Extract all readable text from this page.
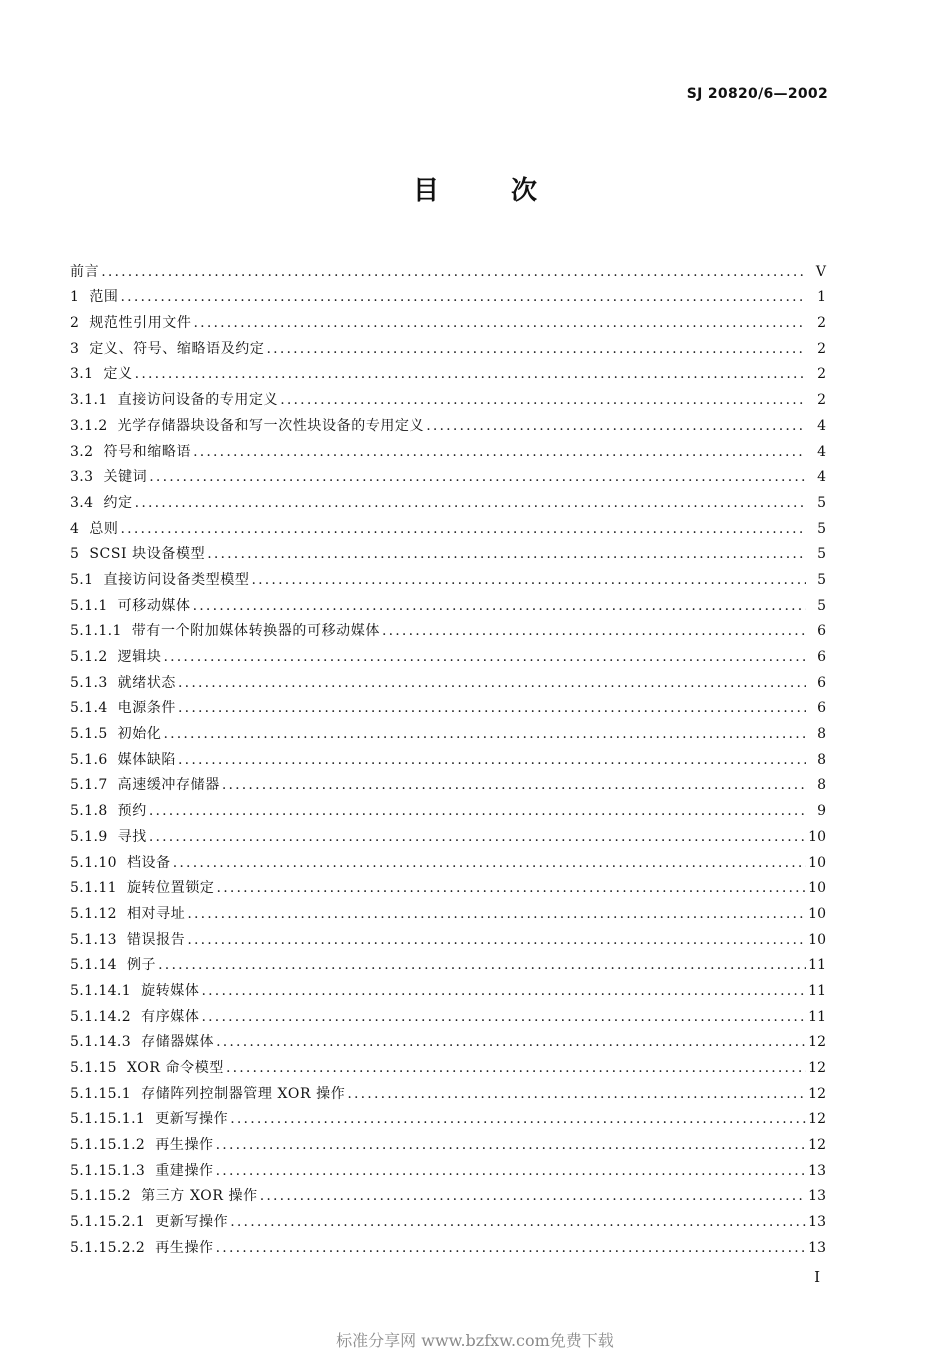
SJ 20820/6—2002
目	次
前言 .....	V
1 范围 .....	1
2 规范性引用文件 .....	2
3 定义、符号、缩略语及约定 .....	2
3.1 定义 .....	2
3.1.1 直接访问设备的专用定义 .....	2
3.1.2 光学存储器块设备和写一次性块设备的专用定义 .....	4
3.2 符号和缩略语 .....	4
3.3 关键词 .....	4
3.4 约定 .....	5
4 总则 .....	5
5 SCSI 块设备模型 .....	5
5.1 直接访问设备类型模型 .....	5
5.1.1 可移动媒体 .....	5
5.1.1.1 带有一个附加媒体转换器的可移动媒体 .....	6
5.1.2 逻辑块 .....	6
5.1.3 就绪状态 .....	6
5.1.4 电源条件 .....	6
5.1.5 初始化 .....	8
5.1.6 媒体缺陷 .....	8
5.1.7 高速缓冲存储器 .....	8
5.1.8 预约 .....	9
5.1.9 寻找 .....	10
5.1.10 档设备 .....	10
5.1.11 旋转位置锁定 .....	10
5.1.12 相对寻址 .....	10
5.1.13 错误报告 .....	10
5.1.14 例子 .....	11
5.1.14.1 旋转媒体 .....	11
5.1.14.2 有序媒体 .....	11
5.1.14.3 存储器媒体 .....	12
5.1.15 XOR 命令模型 .....	12
5.1.15.1 存储阵列控制器管理 XOR 操作 .....	12
5.1.15.1.1 更新写操作 .....	12
5.1.15.1.2 再生操作 .....	12
5.1.15.1.3 重建操作 .....	13
5.1.15.2 第三方 XOR 操作 .....	13
5.1.15.2.1 更新写操作 .....	13
5.1.15.2.2 再生操作 .....	13
I
标准分享网 www.bzfxw.com免费下载
